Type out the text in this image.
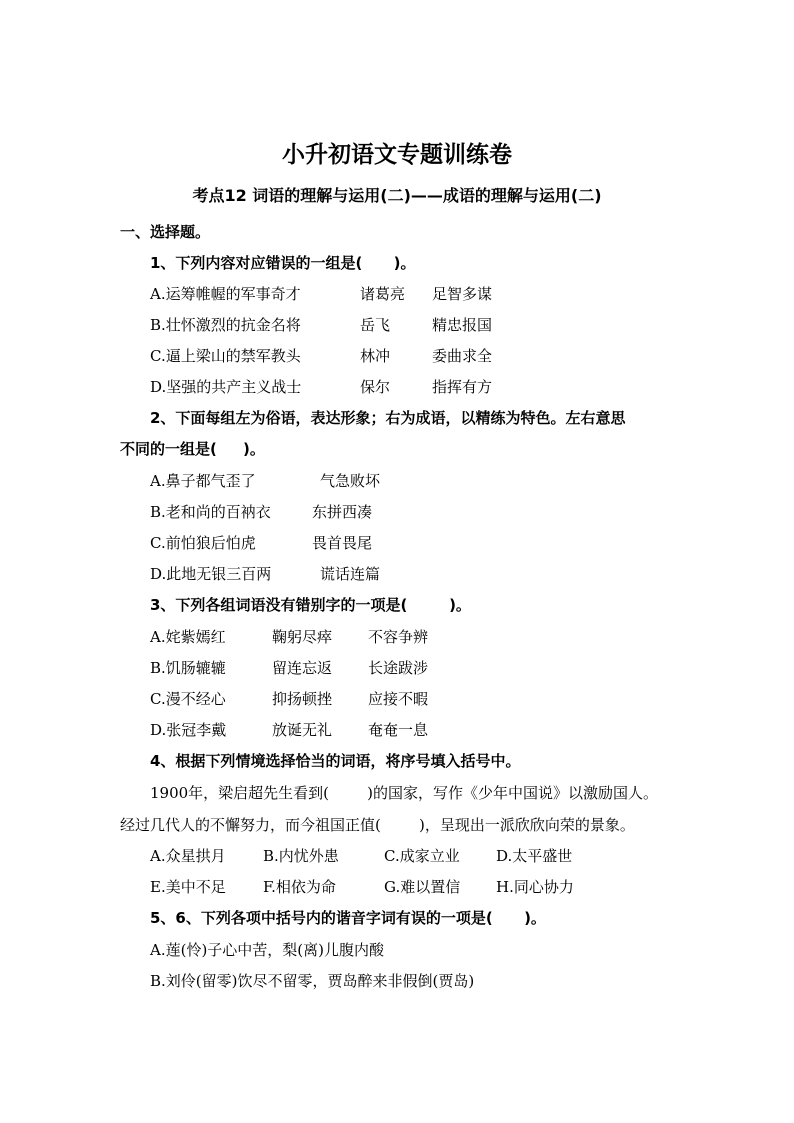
小升初语文专题训练卷
考点12 词语的理解与运用(二)——成语的理解与运用(二)
一、选择题。
1、下列内容对应错误的一组是(      )。
A.运筹帷幄的军事奇才	诸葛亮 足智多谋
B.壮怀激烈的抗金名将	岳飞	精忠报国
C.逼上梁山的禁军教头	林冲	委曲求全
D.坚强的共产主义战士	保尔	指挥有方
2、下面每组左为俗语，表达形象；右为成语，以精练为特色。左右意思
不同的一组是(     )。
A.鼻子都气歪了	气急败坏
B.老和尚的百衲衣	东拼西凑
C.前怕狼后怕虎	畏首畏尾
D.此地无银三百两	谎话连篇
3、下列各组词语没有错别字的一项是(        )。
A.姹紫嫣红	鞠躬尽瘁 不容争辨
B.饥肠辘辘	留连忘返 长途跋涉
C.漫不经心	抑扬顿挫 应接不暇
D.张冠李戴	放诞无礼 奄奄一息
4、根据下列情境选择恰当的词语，将序号填入括号中。
1900年，梁启超先生看到(        )的国家，写作《少年中国说》以激励国人。
经过几代人的不懈努力，而今祖国正值(        )，呈现出一派欣欣向荣的景象。
A.众星拱月 B.内忧外患	C.成家立业 D.太平盛世
E.美中不足 F.相依为命	G.难以置信 H.同心协力
5、6、下列各项中括号内的谐音字词有误的一项是(      )。
A.莲(怜)子心中苦，梨(离)儿腹内酸
B.刘伶(留零)饮尽不留零，贾岛醉来非假倒(贾岛)
